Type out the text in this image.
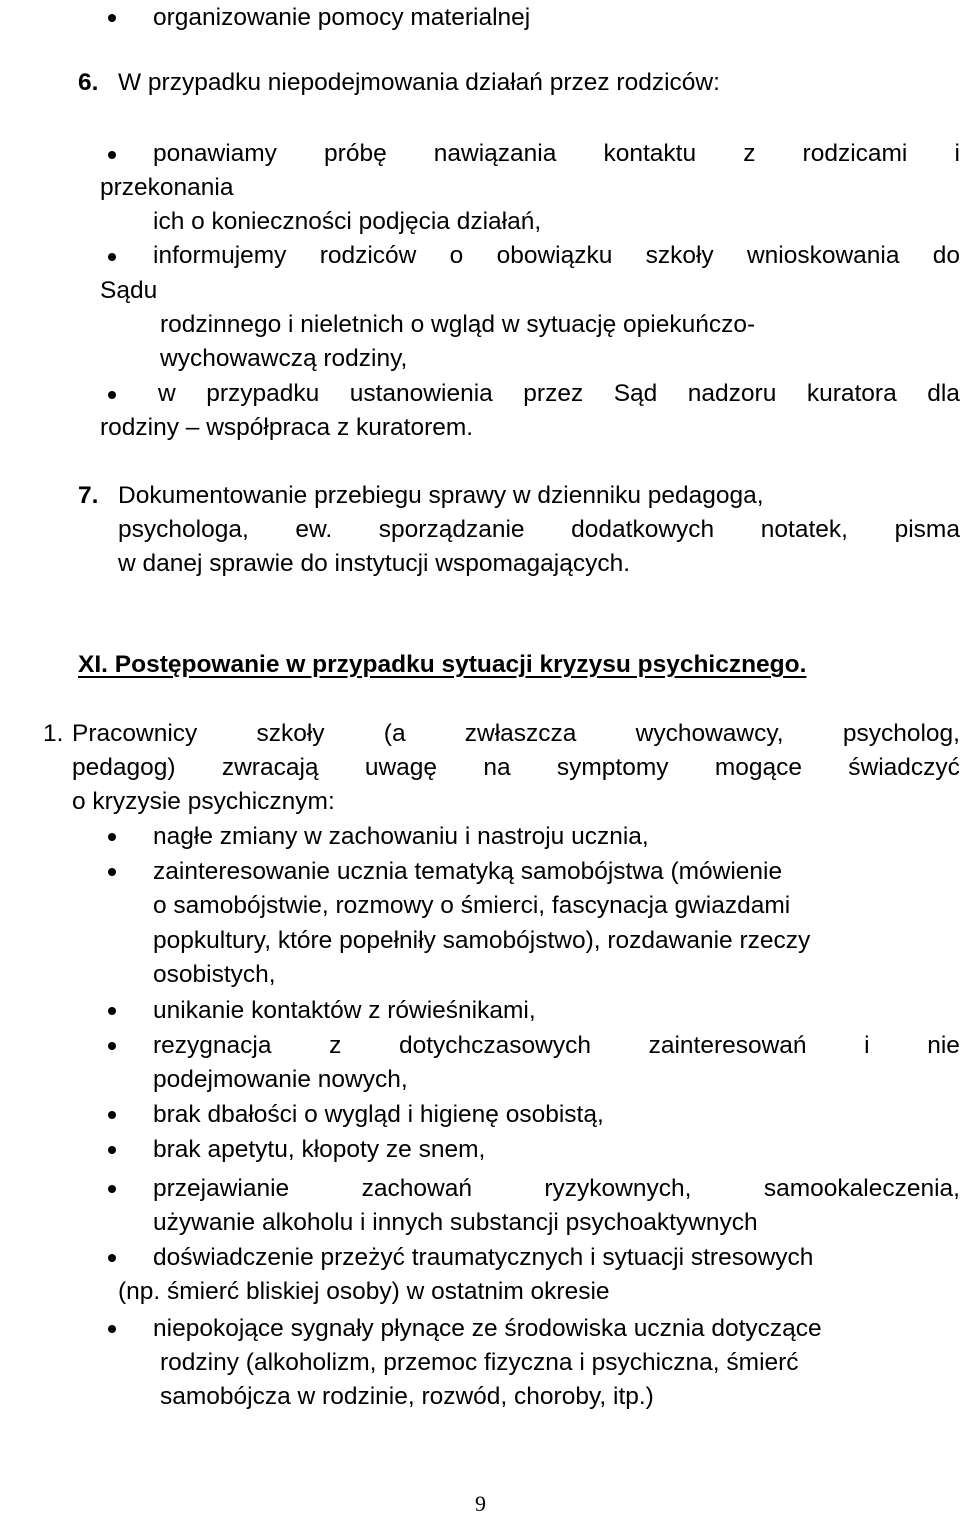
organizowanie pomocy materialnej
6. W przypadku niepodejmowania działań przez rodziców:
ponawiamy próbę nawiązania kontaktu z rodzicami i
przekonania
ich o konieczności podjęcia działań,
informujemy rodziców o obowiązku szkoły wnioskowania do
Sądu
rodzinnego i nieletnich o wgląd w sytuację opiekuńczo-
wychowawczą rodziny,
w przypadku ustanowienia przez Sąd nadzoru kuratora dla
rodziny – współpraca z kuratorem.
7. Dokumentowanie przebiegu sprawy w dzienniku pedagoga,
psychologa, ew. sporządzanie dodatkowych notatek, pisma
w danej sprawie do instytucji wspomagających.
XI. Postępowanie w przypadku sytuacji kryzysu psychicznego.
1. Pracownicy szkoły (a zwłaszcza wychowawcy, psycholog,
pedagog) zwracają uwagę na symptomy mogące świadczyć
o kryzysie psychicznym:
nagłe zmiany w zachowaniu i nastroju ucznia,
zainteresowanie ucznia tematyką samobójstwa (mówienie
o samobójstwie, rozmowy o śmierci, fascynacja gwiazdami
popkultury, które popełniły samobójstwo), rozdawanie rzeczy
osobistych,
unikanie kontaktów z rówieśnikami,
rezygnacja z dotychczasowych zainteresowań i nie
podejmowanie nowych,
brak dbałości o wygląd i higienę osobistą,
brak apetytu, kłopoty ze snem,
przejawianie	zachowań	ryzykownych,	samookaleczenia,
używanie alkoholu i innych substancji psychoaktywnych
doświadczenie przeżyć traumatycznych i sytuacji stresowych
(np. śmierć bliskiej osoby) w ostatnim okresie
niepokojące sygnały płynące ze środowiska ucznia dotyczące
rodziny (alkoholizm, przemoc fizyczna i psychiczna, śmierć
samobójcza w rodzinie, rozwód, choroby, itp.)
9
